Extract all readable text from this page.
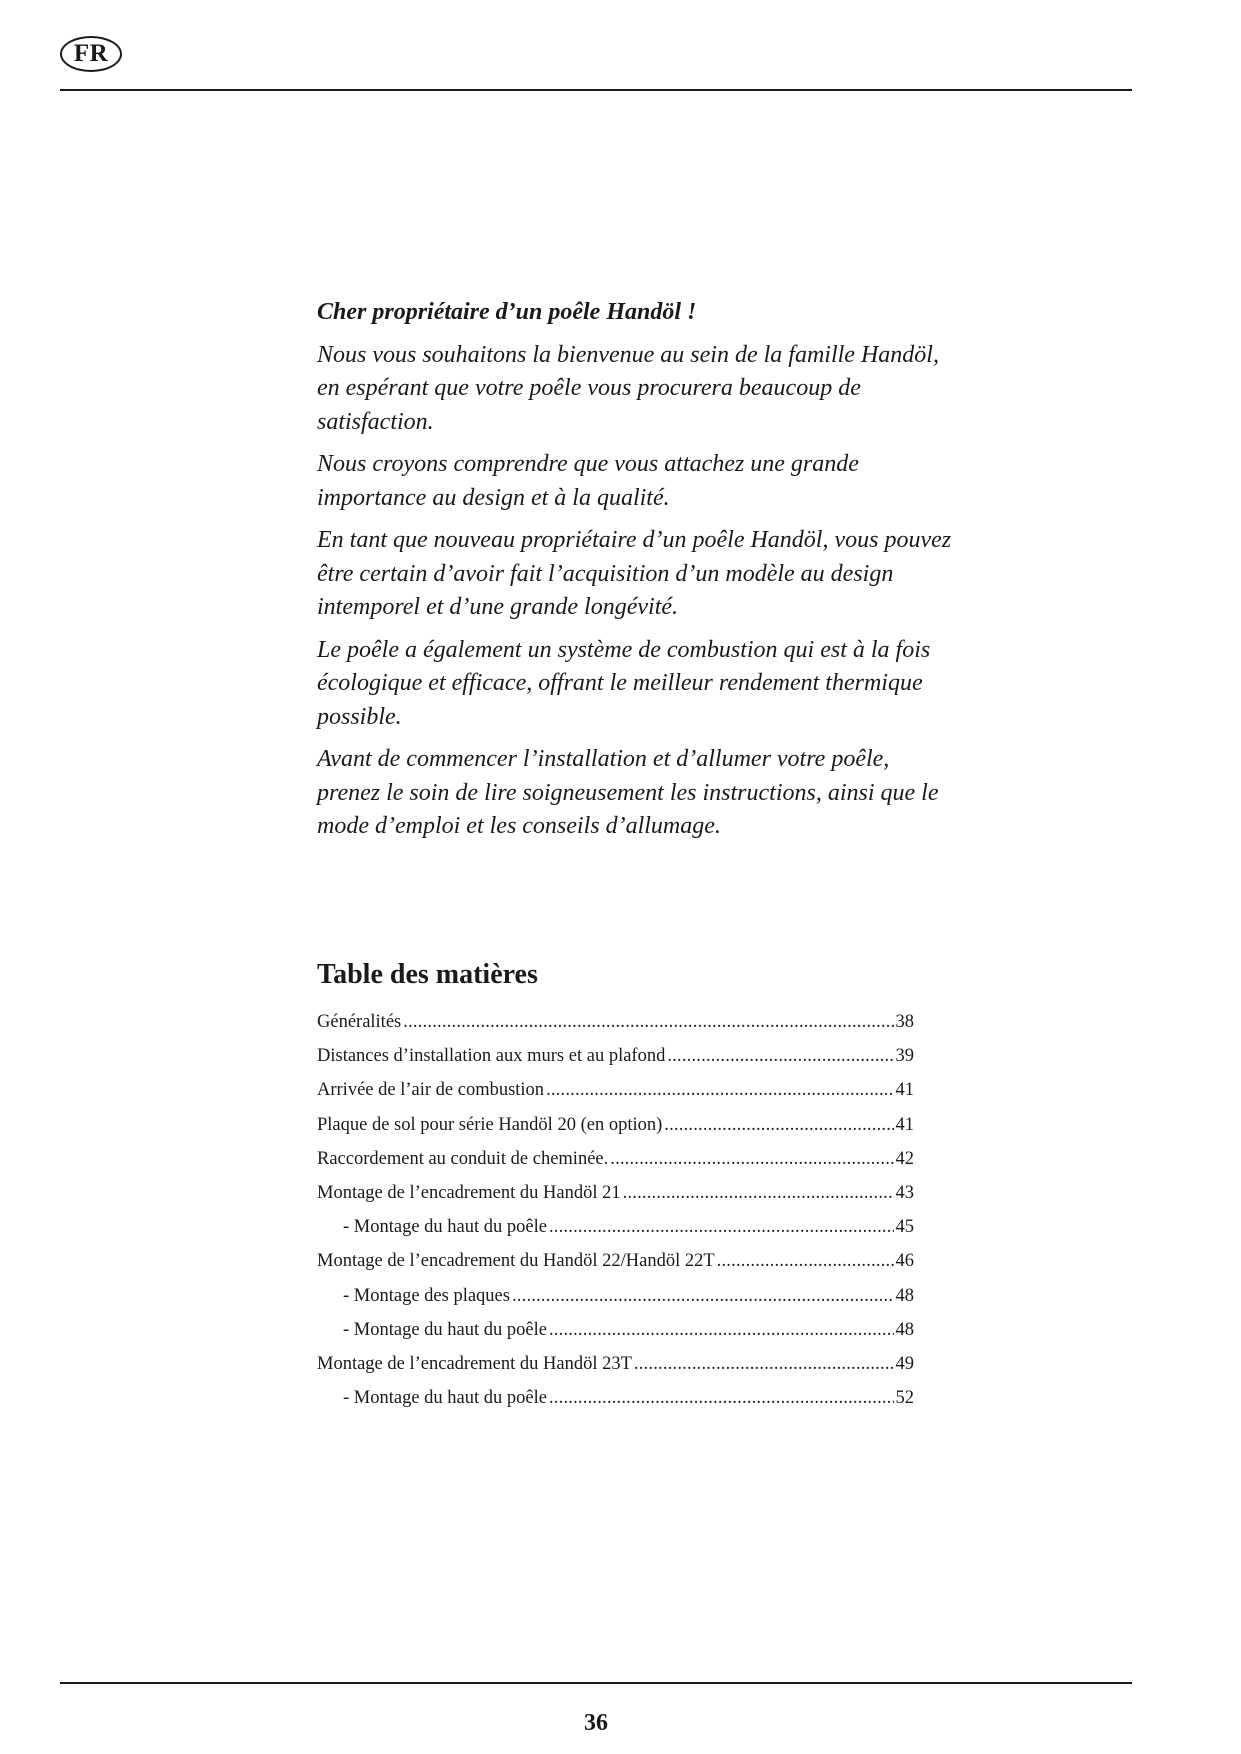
FR

Cher propriétaire d’un poêle Handöl !

Nous vous souhaitons la bienvenue au sein de la famille Handöl, en espérant que votre poêle vous procurera beaucoup de satisfaction.

Nous croyons comprendre que vous attachez une grande importance au design et à la qualité.

En tant que nouveau propriétaire d’un poêle Handöl, vous pouvez être certain d’avoir fait l’acquisition d’un modèle au design intemporel et d’une grande longévité.

Le poêle a également un système de combustion qui est à la fois écologique et efficace, offrant le meilleur rendement thermique possible.

Avant de commencer l’installation et d’allumer votre poêle, prenez le soin de lire soigneusement les instructions, ainsi que le mode d’emploi et les conseils d’allumage.

Table des matières
Généralités .....	38
Distances d’installation aux murs et au plafond .....	39
Arrivée de l’air de combustion .....	41
Plaque de sol pour série Handöl 20 (en option) .....	41
Raccordement au conduit de cheminée. .....	42
Montage de l’encadrement du Handöl 21 .....	43
- Montage du haut du poêle .....	45
Montage de l’encadrement du Handöl 22/Handöl 22T .....	46
- Montage des plaques .....	48
- Montage du haut du poêle .....	48
Montage de l’encadrement du Handöl 23T .....	49
- Montage du haut du poêle .....	52
36
